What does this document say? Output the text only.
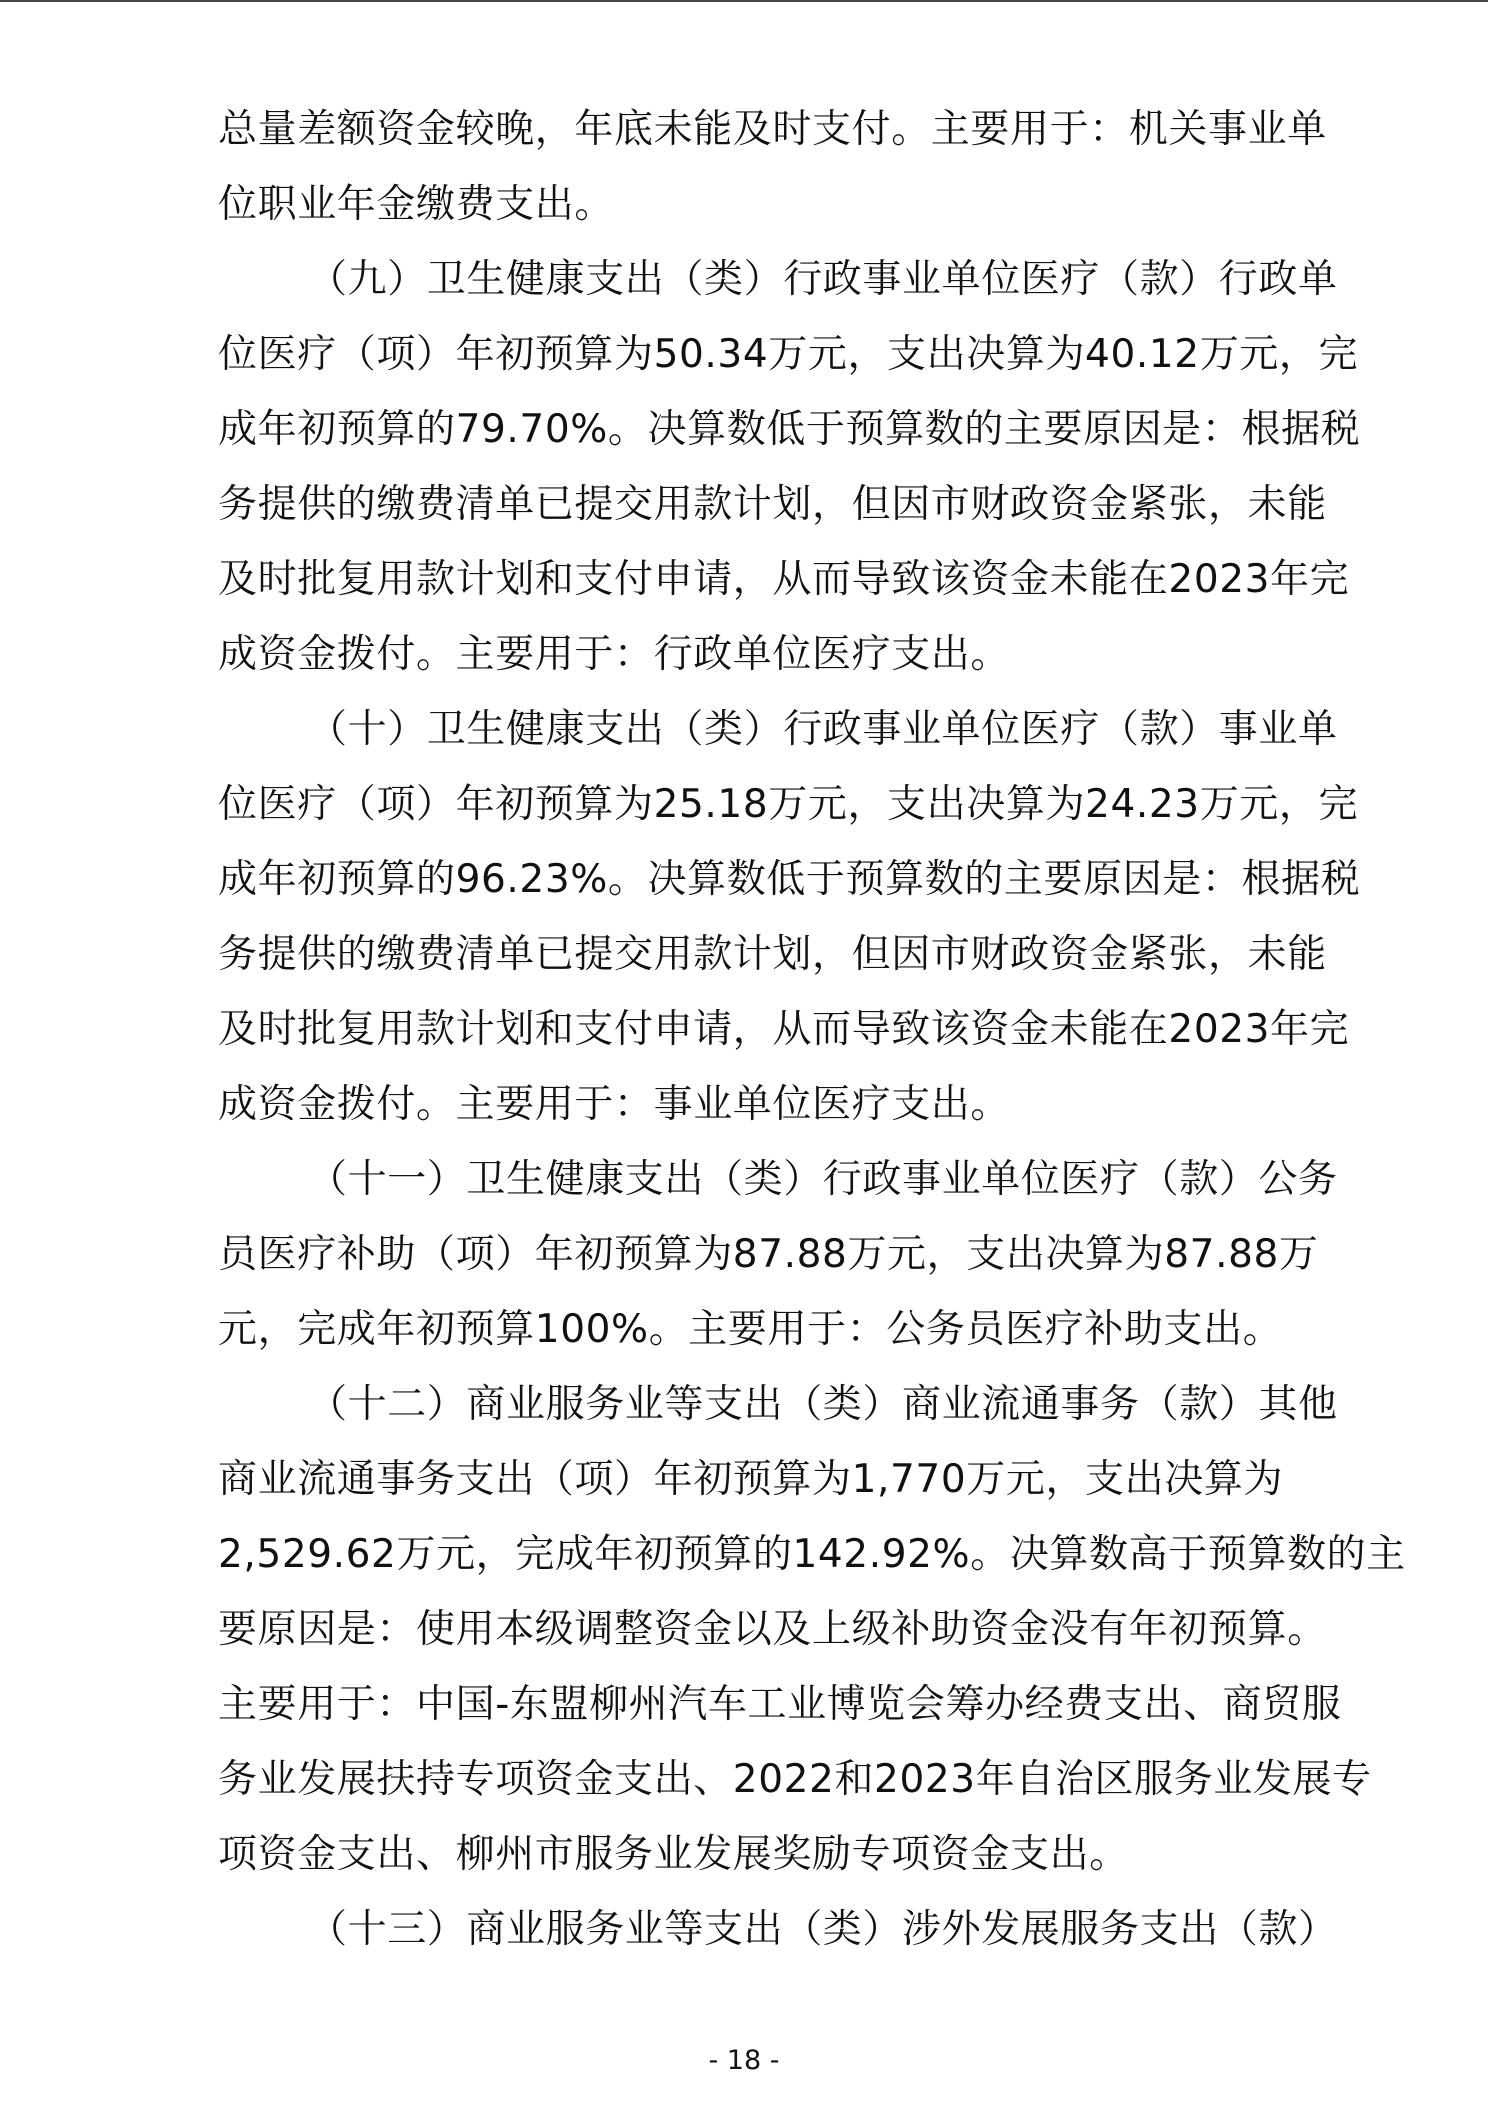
总量差额资金较晚，年底未能及时支付。主要用于：机关事业单
位职业年金缴费支出。
（九）卫生健康支出（类）行政事业单位医疗（款）行政单
位医疗（项）年初预算为50.34万元，支出决算为40.12万元，完
成年初预算的79.70%。决算数低于预算数的主要原因是：根据税
务提供的缴费清单已提交用款计划，但因市财政资金紧张，未能
及时批复用款计划和支付申请，从而导致该资金未能在2023年完
成资金拨付。主要用于：行政单位医疗支出。
（十）卫生健康支出（类）行政事业单位医疗（款）事业单
位医疗（项）年初预算为25.18万元，支出决算为24.23万元，完
成年初预算的96.23%。决算数低于预算数的主要原因是：根据税
务提供的缴费清单已提交用款计划，但因市财政资金紧张，未能
及时批复用款计划和支付申请，从而导致该资金未能在2023年完
成资金拨付。主要用于：事业单位医疗支出。
（十一）卫生健康支出（类）行政事业单位医疗（款）公务
员医疗补助（项）年初预算为87.88万元，支出决算为87.88万
元，完成年初预算100%。主要用于：公务员医疗补助支出。
（十二）商业服务业等支出（类）商业流通事务（款）其他
商业流通事务支出（项）年初预算为1,770万元，支出决算为
2,529.62万元，完成年初预算的142.92%。决算数高于预算数的主
要原因是：使用本级调整资金以及上级补助资金没有年初预算。
主要用于：中国-东盟柳州汽车工业博览会筹办经费支出、商贸服
务业发展扶持专项资金支出、2022和2023年自治区服务业发展专
项资金支出、柳州市服务业发展奖励专项资金支出。
（十三）商业服务业等支出（类）涉外发展服务支出（款）
- 18 -
